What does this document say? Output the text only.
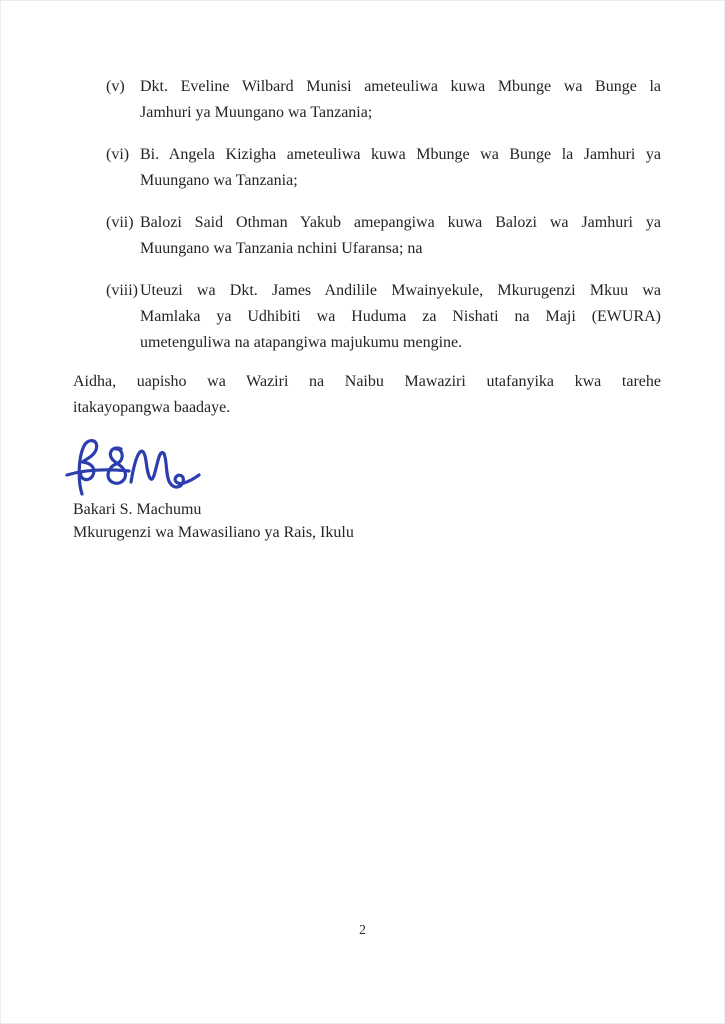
(v) Dkt. Eveline Wilbard Munisi ameteuliwa kuwa Mbunge wa Bunge la
Jamhuri ya Muungano wa Tanzania;
(vi) Bi. Angela Kizigha ameteuliwa kuwa Mbunge wa Bunge la Jamhuri ya
Muungano wa Tanzania;
(vii) Balozi Said Othman Yakub amepangiwa kuwa Balozi wa Jamhuri ya
Muungano wa Tanzania nchini Ufaransa; na
(viii) Uteuzi wa Dkt. James Andilile Mwainyekule, Mkurugenzi Mkuu wa
Mamlaka ya Udhibiti wa Huduma za Nishati na Maji (EWURA)
umetenguliwa na atapangiwa majukumu mengine.
Aidha, uapisho wa Waziri na Naibu Mawaziri utafanyika kwa tarehe
itakayopangwa baadaye.
Bakari S. Machumu
Mkurugenzi wa Mawasiliano ya Rais, Ikulu
2
